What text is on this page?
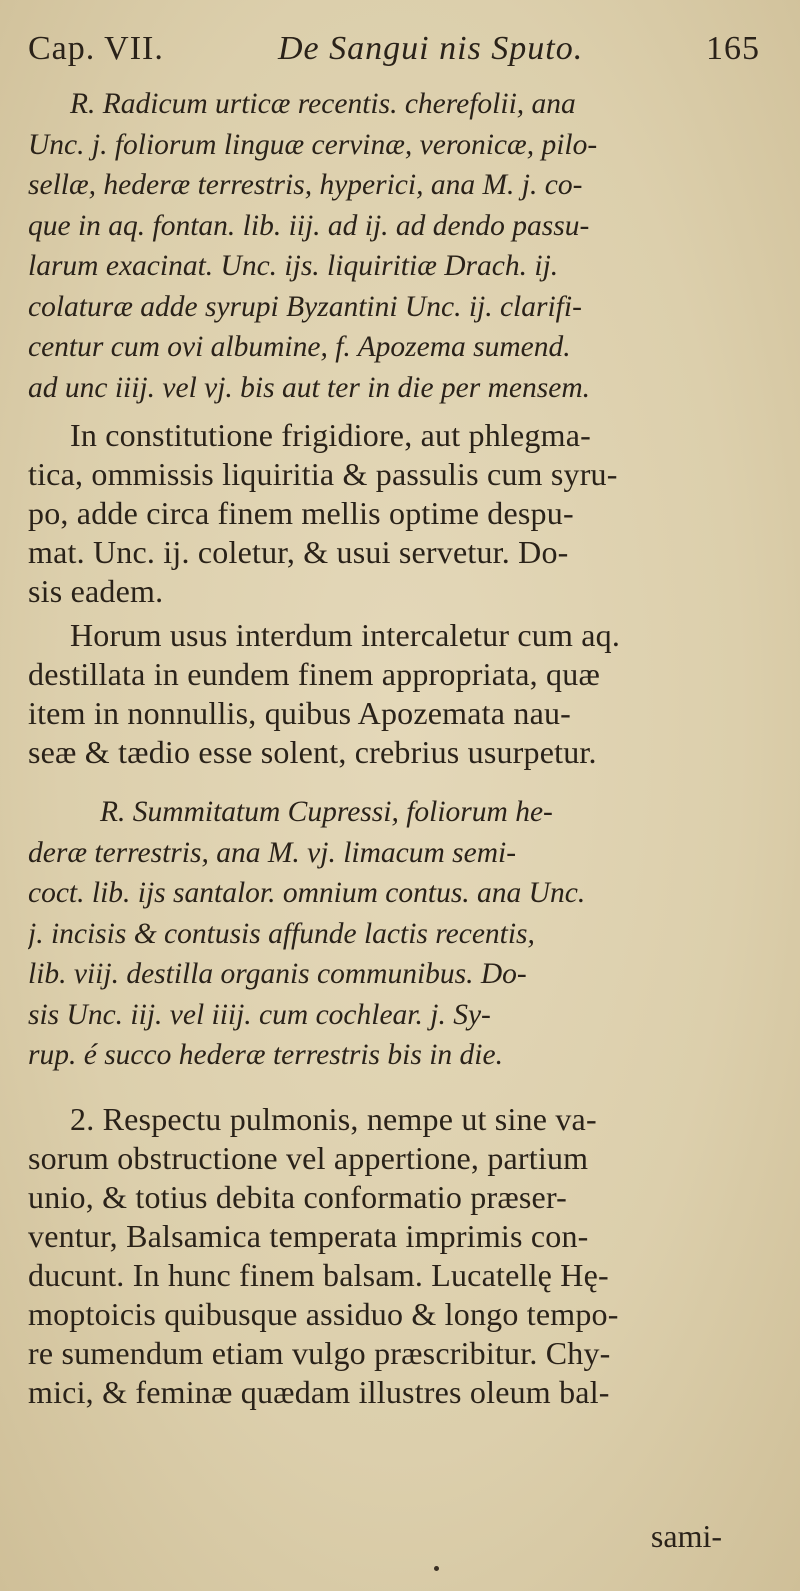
Cap. VII.	De Sangui nis Sputo.	165
R. Radicum urticæ recentis. cherefolii, ana
Unc. j. foliorum linguæ cervinæ, veronicæ, pilo-
sellæ, hederæ terrestris, hyperici, ana M. j. co-
que in aq. fontan. lib. iij. ad ij. ad dendo passu-
larum exacinat. Unc. ijs. liquiritiæ Drach. ij.
colaturæ adde syrupi Byzantini Unc. ij. clarifi-
centur cum ovi albumine, f. Apozema sumend.
ad unc iiij. vel vj. bis aut ter in die per mensem.
In constitutione frigidiore, aut phlegma-
tica, ommissis liquiritia & passulis cum syru-
po, adde circa finem mellis optime despu-
mat. Unc. ij. coletur, & usui servetur. Do-
sis eadem.
Horum usus interdum intercaletur cum aq.
destillata in eundem finem appropriata, quæ
item in nonnullis, quibus Apozemata nau-
seæ & tædio esse solent, crebrius usurpetur.
R. Summitatum Cupressi, foliorum he-
deræ terrestris, ana M. vj. limacum semi-
coct. lib. ijs santalor. omnium contus. ana Unc.
j. incisis & contusis affunde lactis recentis,
lib. viij. destilla organis communibus. Do-
sis Unc. iij. vel iiij. cum cochlear. j. Sy-
rup. é succo hederæ terrestris bis in die.
2. Respectu pulmonis, nempe ut sine va-
sorum obstructione vel appertione, partium
unio, & totius debita conformatio præser-
ventur, Balsamica temperata imprimis con-
ducunt. In hunc finem balsam. Lucatellę Hę-
moptoicis quibusque assiduo & longo tempo-
re sumendum etiam vulgo præscribitur. Chy-
mici, & feminæ quædam illustres oleum bal-
sami-
